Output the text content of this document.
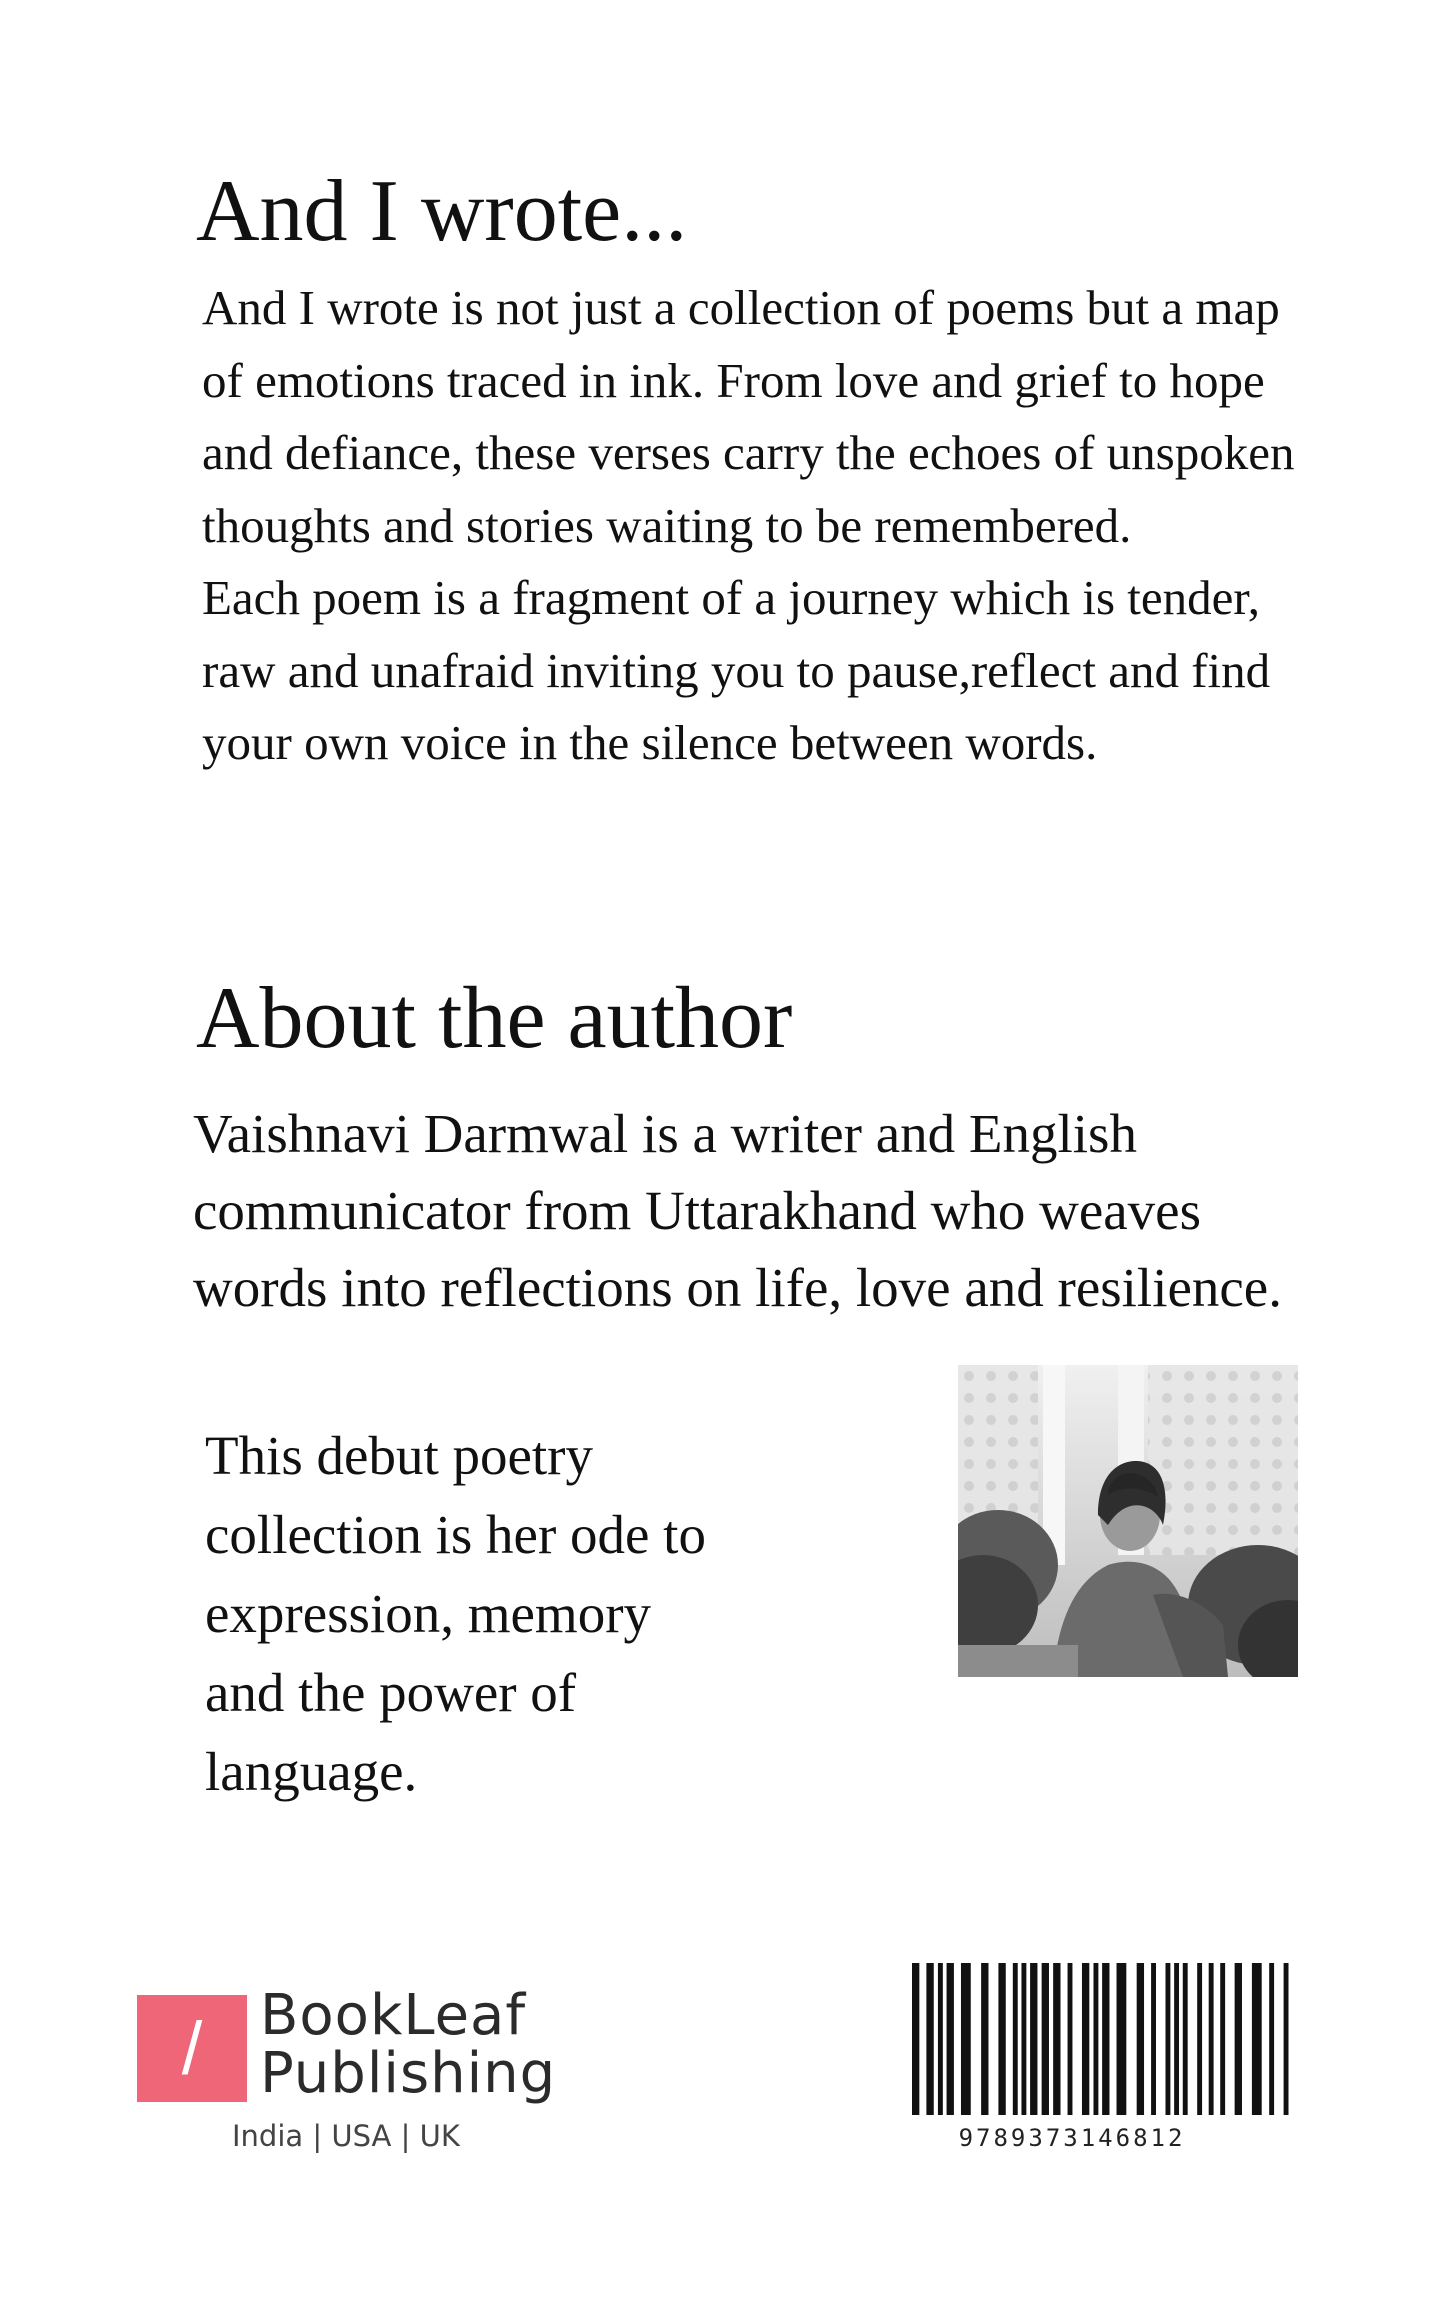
And I wrote...

And I wrote is not just a collection of poems but a map of emotions traced in ink. From love and grief to hope and defiance, these verses carry the echoes of unspoken thoughts and stories waiting to be remembered.

Each poem is a fragment of a journey which is tender, raw and unafraid inviting you to pause,reflect and find your own voice in the silence between words.

About the author

Vaishnavi Darmwal is a writer and English communicator from Uttarakhand who weaves words into reflections on life, love and resilience.

This debut poetry collection is her ode to expression, memory and the power of language.

/	BookLeaf
Publishing
India | USA | UK	9789373146812
